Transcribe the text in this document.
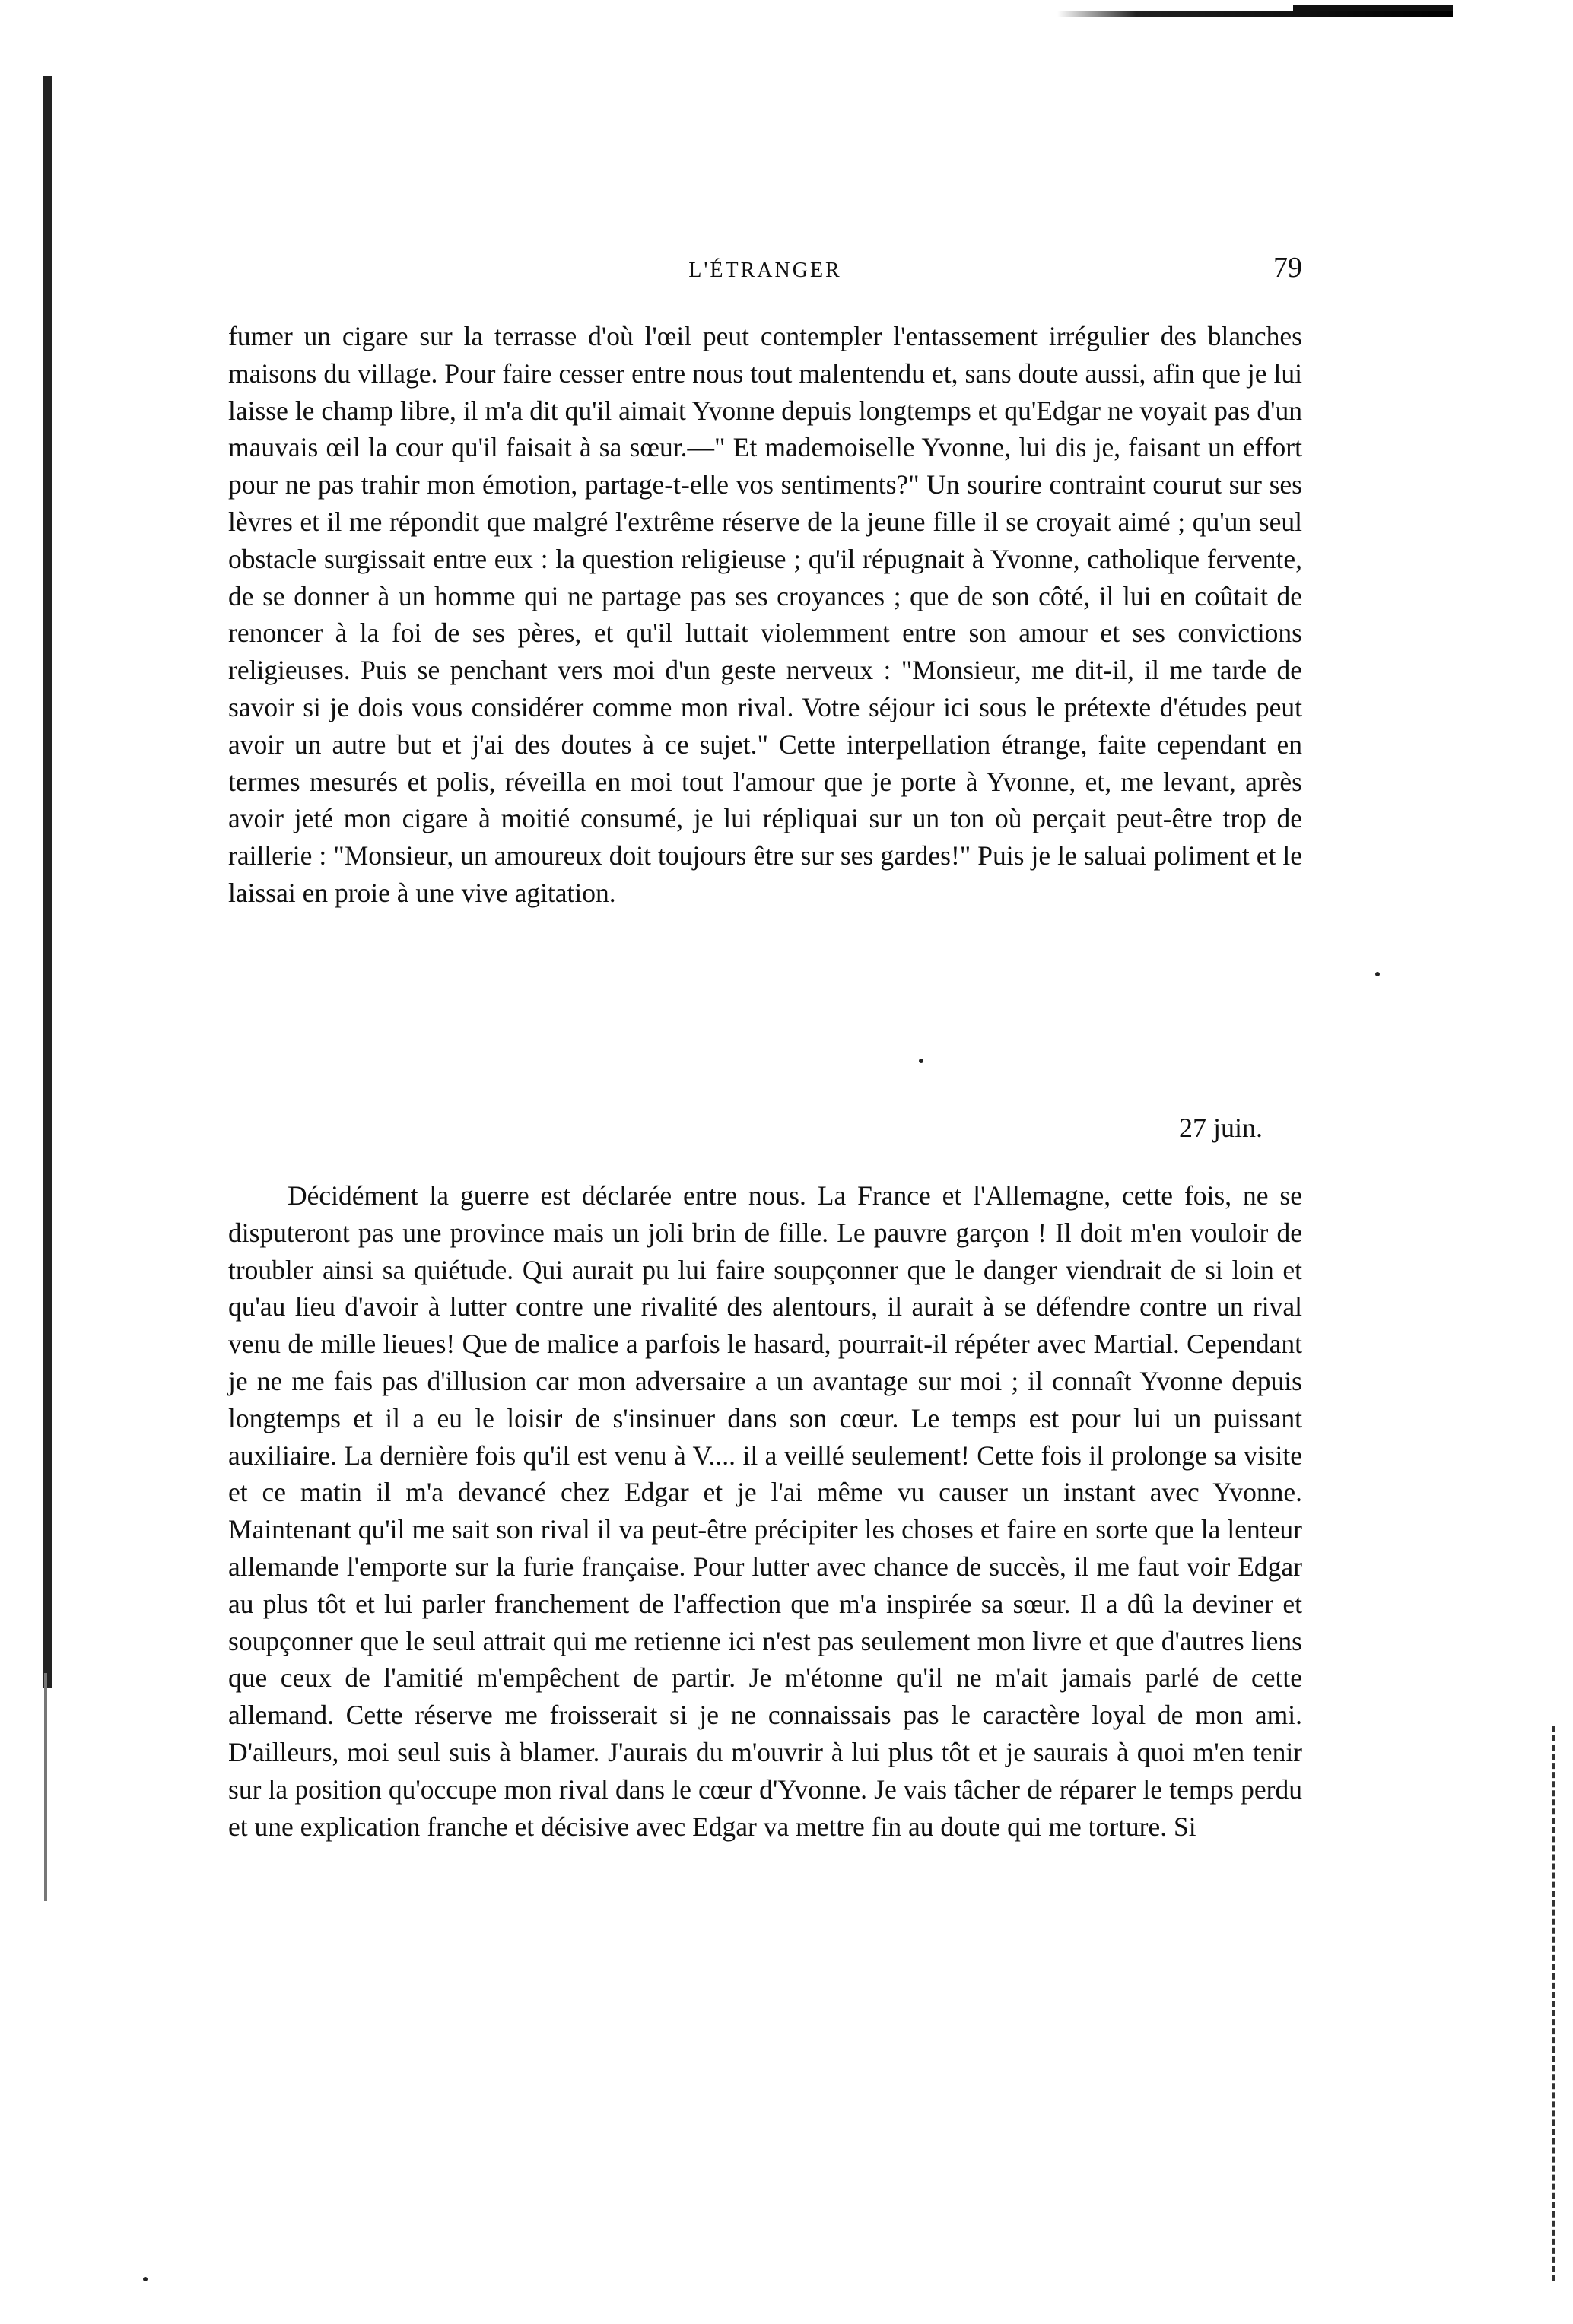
L'ÉTRANGER	79

fumer un cigare sur la terrasse d'où l'œil peut contempler l'entassement irrégulier des blanches maisons du village. Pour faire cesser entre nous tout malentendu et, sans doute aussi, afin que je lui laisse le champ libre, il m'a dit qu'il aimait Yvonne depuis longtemps et qu'Edgar ne voyait pas d'un mauvais œil la cour qu'il faisait à sa sœur.—" Et mademoiselle Yvonne, lui dis je, faisant un effort pour ne pas trahir mon émotion, partage-t-elle vos sentiments?" Un sourire contraint courut sur ses lèvres et il me répondit que malgré l'extrême réserve de la jeune fille il se croyait aimé ; qu'un seul obstacle surgissait entre eux : la question religieuse ; qu'il répugnait à Yvonne, catholique fervente, de se donner à un homme qui ne partage pas ses croyances ; que de son côté, il lui en coûtait de renoncer à la foi de ses pères, et qu'il luttait violemment entre son amour et ses convictions religieuses. Puis se penchant vers moi d'un geste nerveux : "Monsieur, me dit-il, il me tarde de savoir si je dois vous considérer comme mon rival. Votre séjour ici sous le prétexte d'études peut avoir un autre but et j'ai des doutes à ce sujet." Cette interpellation étrange, faite cependant en termes mesurés et polis, réveilla en moi tout l'amour que je porte à Yvonne, et, me levant, après avoir jeté mon cigare à moitié consumé, je lui répliquai sur un ton où perçait peut-être trop de raillerie : "Monsieur, un amoureux doit toujours être sur ses gardes!" Puis je le saluai poliment et le laissai en proie à une vive agitation.

27 juin.

Décidément la guerre est déclarée entre nous. La France et l'Allemagne, cette fois, ne se disputeront pas une province mais un joli brin de fille. Le pauvre garçon ! Il doit m'en vouloir de troubler ainsi sa quiétude. Qui aurait pu lui faire soupçonner que le danger viendrait de si loin et qu'au lieu d'avoir à lutter contre une rivalité des alentours, il aurait à se défendre contre un rival venu de mille lieues! Que de malice a parfois le hasard, pourrait-il répéter avec Martial. Cependant je ne me fais pas d'illusion car mon adversaire a un avantage sur moi ; il connaît Yvonne depuis longtemps et il a eu le loisir de s'insinuer dans son cœur. Le temps est pour lui un puissant auxiliaire. La dernière fois qu'il est venu à V.... il a veillé seulement! Cette fois il prolonge sa visite et ce matin il m'a devancé chez Edgar et je l'ai même vu causer un instant avec Yvonne. Maintenant qu'il me sait son rival il va peut-être précipiter les choses et faire en sorte que la lenteur allemande l'emporte sur la furie française. Pour lutter avec chance de succès, il me faut voir Edgar au plus tôt et lui parler franchement de l'affection que m'a inspirée sa sœur. Il a dû la deviner et soupçonner que le seul attrait qui me retienne ici n'est pas seulement mon livre et que d'autres liens que ceux de l'amitié m'empêchent de partir. Je m'étonne qu'il ne m'ait jamais parlé de cette allemand. Cette réserve me froisserait si je ne connaissais pas le caractère loyal de mon ami. D'ailleurs, moi seul suis à blamer. J'aurais du m'ouvrir à lui plus tôt et je saurais à quoi m'en tenir sur la position qu'occupe mon rival dans le cœur d'Yvonne. Je vais tâcher de réparer le temps perdu et une explication franche et décisive avec Edgar va mettre fin au doute qui me torture. Si
